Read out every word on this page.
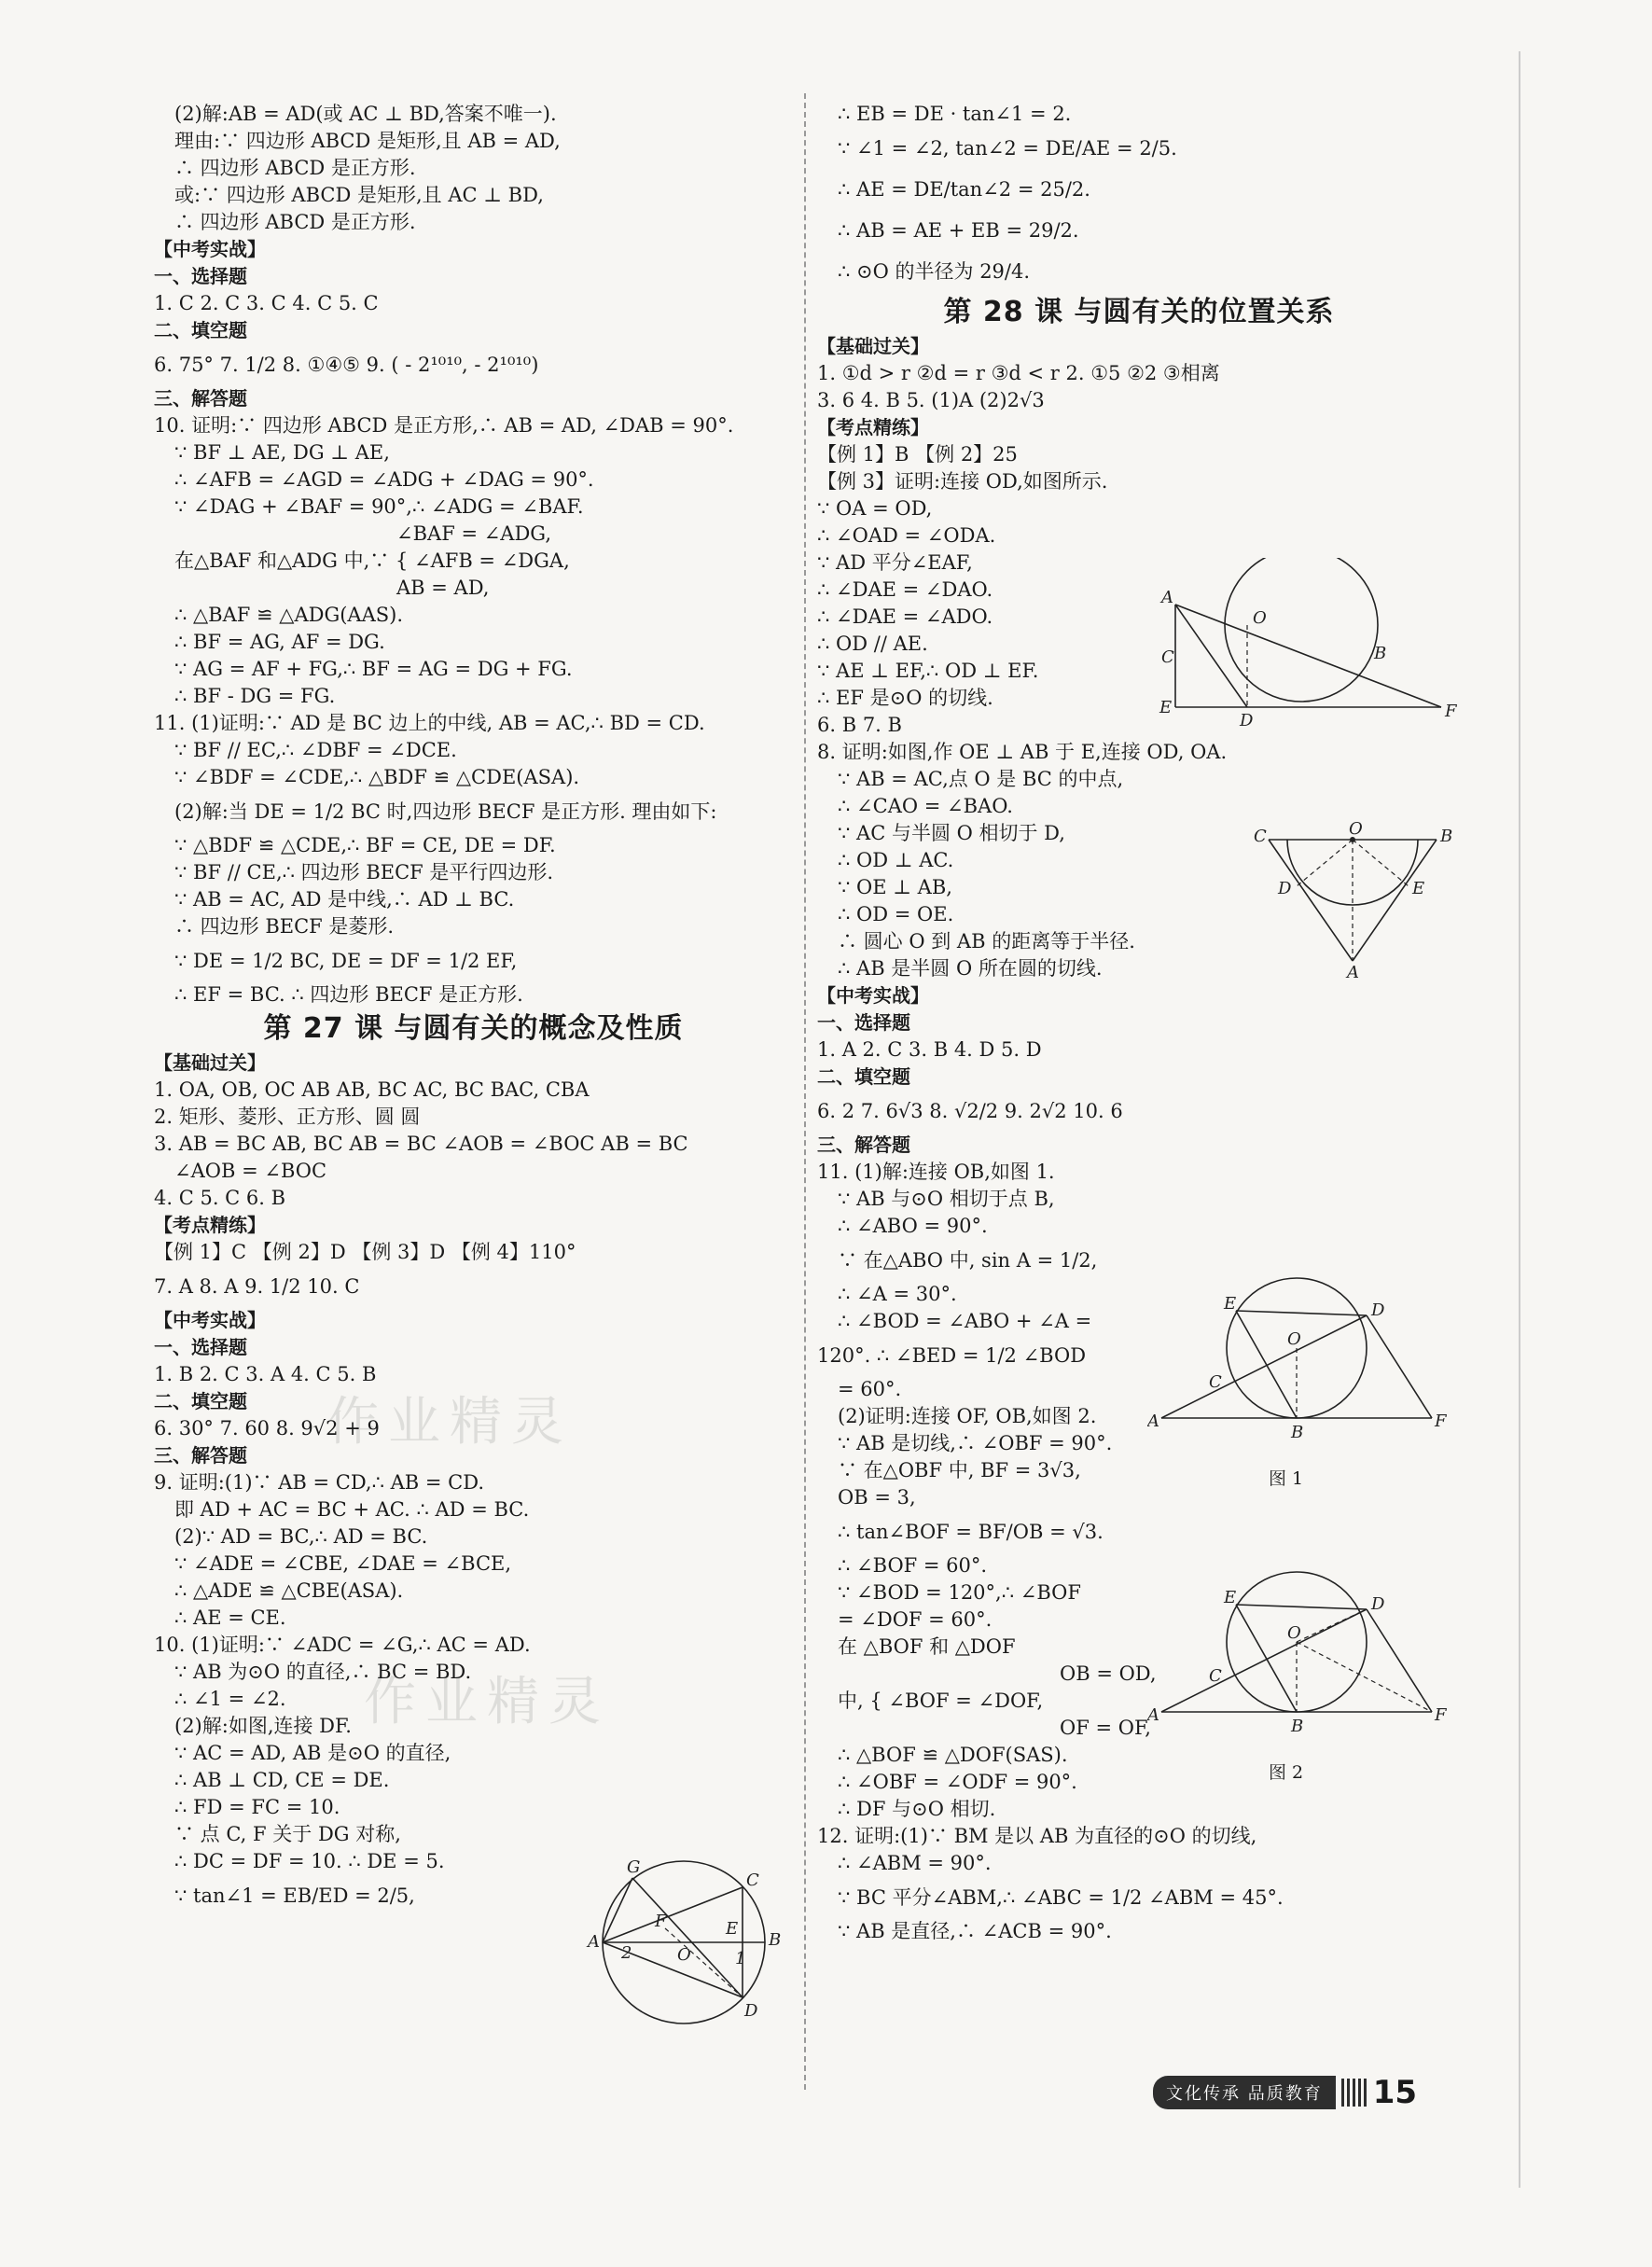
(2)解:AB = AD(或 AC ⊥ BD,答案不唯一).
理由:∵ 四边形 ABCD 是矩形,且 AB = AD,
∴ 四边形 ABCD 是正方形.
或:∵ 四边形 ABCD 是矩形,且 AC ⊥ BD,
∴ 四边形 ABCD 是正方形.
【中考实战】
一、选择题
1. C 2. C 3. C 4. C 5. C
二、填空题
6. 75° 7. 1/2 8. ①④⑤ 9. ( - 2¹⁰¹⁰, - 2¹⁰¹⁰)
三、解答题
10. 证明:∵ 四边形 ABCD 是正方形,∴ AB = AD, ∠DAB = 90°.
∵ BF ⊥ AE, DG ⊥ AE,
∴ ∠AFB = ∠AGD = ∠ADG + ∠DAG = 90°.
∵ ∠DAG + ∠BAF = 90°,∴ ∠ADG = ∠BAF.
∠BAF = ∠ADG,
在△BAF 和△ADG 中,∵ { ∠AFB = ∠DGA,
AB = AD,
∴ △BAF ≌ △ADG(AAS).
∴ BF = AG, AF = DG.
∵ AG = AF + FG,∴ BF = AG = DG + FG.
∴ BF - DG = FG.
11. (1)证明:∵ AD 是 BC 边上的中线, AB = AC,∴ BD = CD.
∵ BF // EC,∴ ∠DBF = ∠DCE.
∵ ∠BDF = ∠CDE,∴ △BDF ≌ △CDE(ASA).
(2)解:当 DE = 1/2 BC 时,四边形 BECF 是正方形. 理由如下:
∵ △BDF ≌ △CDE,∴ BF = CE, DE = DF.
∵ BF // CE,∴ 四边形 BECF 是平行四边形.
∵ AB = AC, AD 是中线,∴ AD ⊥ BC.
∴ 四边形 BECF 是菱形.
∵ DE = 1/2 BC, DE = DF = 1/2 EF,
∴ EF = BC. ∴ 四边形 BECF 是正方形.
第 27 课 与圆有关的概念及性质
【基础过关】
1. OA, OB, OC AB AB, BC AC, BC BAC, CBA
2. 矩形、菱形、正方形、圆 圆
3. AB = BC AB, BC AB = BC ∠AOB = ∠BOC AB = BC
∠AOB = ∠BOC
4. C 5. C 6. B
【考点精练】
【例 1】C 【例 2】D 【例 3】D 【例 4】110°
7. A 8. A 9. 1/2 10. C
【中考实战】
一、选择题
1. B 2. C 3. A 4. C 5. B
二、填空题
6. 30° 7. 60 8. 9√2 + 9
三、解答题
9. 证明:(1)∵ AB = CD,∴ AB = CD.
即 AD + AC = BC + AC. ∴ AD = BC.
(2)∵ AD = BC,∴ AD = BC.
∵ ∠ADE = ∠CBE, ∠DAE = ∠BCE,
∴ △ADE ≌ △CBE(ASA).
∴ AE = CE.
10. (1)证明:∵ ∠ADC = ∠G,∴ AC = AD.
∵ AB 为⊙O 的直径,∴ BC = BD.
∴ ∠1 = ∠2.
(2)解:如图,连接 DF.
∵ AC = AD, AB 是⊙O 的直径,
∴ AB ⊥ CD, CE = DE.
∴ FD = FC = 10.
∵ 点 C, F 关于 DG 对称,
∴ DC = DF = 10. ∴ DE = 5.
∵ tan∠1 = EB/ED = 2/5,
∴ EB = DE · tan∠1 = 2.
∵ ∠1 = ∠2, tan∠2 = DE/AE = 2/5.
∴ AE = DE/tan∠2 = 25/2.
∴ AB = AE + EB = 29/2.
∴ ⊙O 的半径为 29/4.
第 28 课 与圆有关的位置关系
【基础过关】
1. ①d > r ②d = r ③d < r 2. ①5 ②2 ③相离
3. 6 4. B 5. (1)A (2)2√3
【考点精练】
【例 1】B 【例 2】25
【例 3】证明:连接 OD,如图所示.
∵ OA = OD,
∴ ∠OAD = ∠ODA.
∵ AD 平分∠EAF,
∴ ∠DAE = ∠DAO.
∴ ∠DAE = ∠ADO.
∴ OD // AE.
∵ AE ⊥ EF,∴ OD ⊥ EF.
∴ EF 是⊙O 的切线.
6. B 7. B
8. 证明:如图,作 OE ⊥ AB 于 E,连接 OD, OA.
∵ AB = AC,点 O 是 BC 的中点,
∴ ∠CAO = ∠BAO.
∵ AC 与半圆 O 相切于 D,
∴ OD ⊥ AC.
∵ OE ⊥ AB,
∴ OD = OE.
∴ 圆心 O 到 AB 的距离等于半径.
∴ AB 是半圆 O 所在圆的切线.
【中考实战】
一、选择题
1. A 2. C 3. B 4. D 5. D
二、填空题
6. 2 7. 6√3 8. √2/2 9. 2√2 10. 6
三、解答题
11. (1)解:连接 OB,如图 1.
∵ AB 与⊙O 相切于点 B,
∴ ∠ABO = 90°.
∵ 在△ABO 中, sin A = 1/2,
∴ ∠A = 30°.
∴ ∠BOD = ∠ABO + ∠A =
120°. ∴ ∠BED = 1/2 ∠BOD
= 60°.
(2)证明:连接 OF, OB,如图 2.
∵ AB 是切线,∴ ∠OBF = 90°.
∵ 在△OBF 中, BF = 3√3,
OB = 3,
∴ tan∠BOF = BF/OB = √3.
∴ ∠BOF = 60°.
∵ ∠BOD = 120°,∴ ∠BOF
= ∠DOF = 60°.
在 △BOF 和 △DOF
OB = OD,
中, { ∠BOF = ∠DOF,
OF = OF,
∴ △BOF ≌ △DOF(SAS).
∴ ∠OBF = ∠ODF = 90°.
∴ DF 与⊙O 相切.
12. 证明:(1)∵ BM 是以 AB 为直径的⊙O 的切线,
∴ ∠ABM = 90°.
∵ BC 平分∠ABM,∴ ∠ABC = 1/2 ∠ABM = 45°.
∵ AB 是直径,∴ ∠ACB = 90°.
A
O
B
C
E
D	F
C	O	B
D	E
A
E	D
O
C
A
B
F
图 1
E	D
O
C
A
B
F
图 2
G
C
A	B
F	E
O
2	1
D
作业精灵
作业精灵
文化传承 品质教育	15
